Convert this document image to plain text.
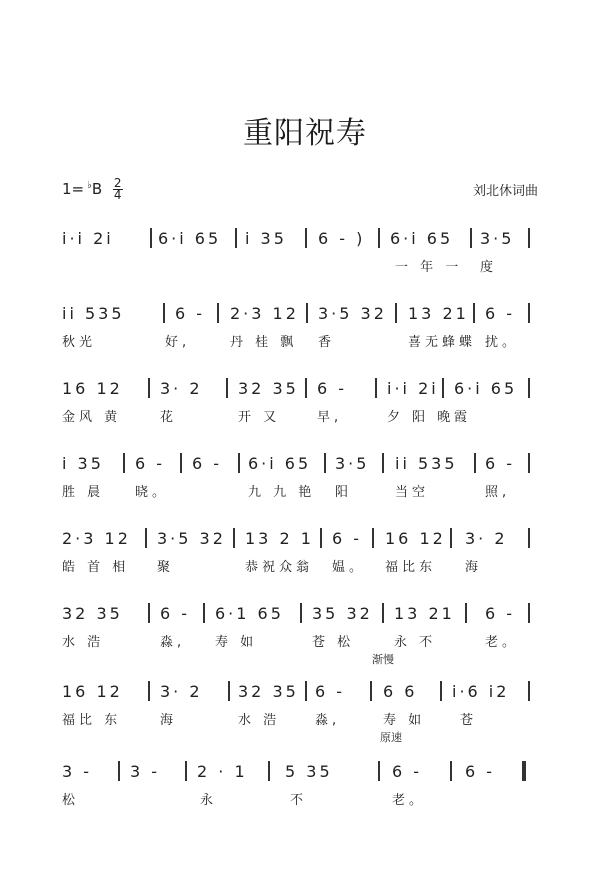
重阳祝寿
$1= ^♭B \frac{2}{4}$	刘北休词曲
i·i 2i	6·i 65 i 35 6 - ) 6·i 65 3·5
一 年 一 度
ii 535	6 - 2·3 12 3·5 32 13 21 6 -
秋光	好,	丹 桂 飘 香	喜无蜂蝶 扰。
16 12 3· 2 32 35 6 - i·i 2i 6·i 65
金风 黄	花	开 又	早,	夕 阳 晚 霞
i 35 6 - 6 - 6·i 65 3·5 ii 535 6 -
胜 晨 晓。	九 九 艳 阳	当空	照,
2·3 12 3·5 32 13 2 1 6 - 16 12 3· 2
皓 首 相 聚	恭祝众翁 媪。 福比东 海
32 35 6 - 6·1 65 35 32 13 21 6 -
水 浩	淼, 寿 如	苍 松	永 不	老。
渐慢
16 12 3· 2 32 35 6 - 6 6 i·6 i2
福比 东	海	水 浩	淼,	寿 如	苍
原速
3 - 3 - 2 · 1 5 35	6 -	6 -
松	永	不	老。
